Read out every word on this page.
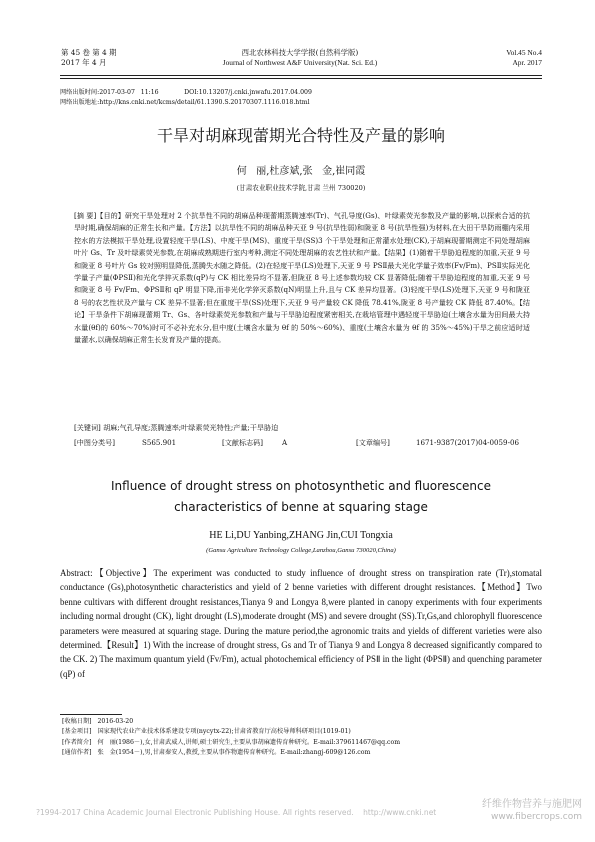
第 45 卷 第 4 期
2017 年 4 月
西北农林科技大学学报(自然科学版)
Journal of Northwest A&F University(Nat. Sci. Ed.)
Vol.45 No.4
Apr. 2017
网络出版时间:2017-03-07   11:16             DOI:10.13207/j.cnki.jnwafu.2017.04.009
网络出版地址:http://kns.cnki.net/kcms/detail/61.1390.S.20170307.1116.018.html
干旱对胡麻现蕾期光合特性及产量的影响
何   丽,杜彦斌,张   金,崔同霞
(甘肃农业职业技术学院,甘肃 兰州 730020)
[摘 要]【目的】研究干旱处理对 2 个抗旱性不同的胡麻品种现蕾期蒸腾速率(Tr)、气孔导度(Gs)、叶绿素荧光参数及产量的影响,以探索合适的抗旱时期,确保胡麻的正常生长和产量。【方法】以抗旱性不同的胡麻品种天亚 9 号(抗旱性弱)和陇亚 8 号(抗旱性强)为材料,在大田干旱防雨棚内采用控水的方法模拟干旱处理,设置轻度干旱(LS)、中度干旱(MS)、重度干旱(SS)3 个干旱处理和正常灌水处理(CK),于胡麻现蕾期测定不同处理胡麻叶片 Gs、Tr 及叶绿素荧光参数,在胡麻成熟期进行室内考种,测定不同处理胡麻的农艺性状和产量。【结果】(1)随着干旱胁迫程度的加重,天亚 9 号和陇亚 8 号叶片 Gs 较对照明显降低,蒸腾失水随之降低。(2)在轻度干旱(LS)处理下,天亚 9 号 PSⅡ最大光化学量子效率(Fv/Fm)、PSⅡ实际光化学量子产量(ΦPSⅡ)和光化学猝灭系数(qP)与 CK 相比差异均不显著,但陇亚 8 号上述参数均较 CK 显著降低;随着干旱胁迫程度的加重,天亚 9 号和陇亚 8 号 Fv/Fm、ΦPSⅡ和 qP 明显下降,而非光化学猝灭系数(qN)明显上升,且与 CK 差异均显著。(3)轻度干旱(LS)处理下,天亚 9 号和陇亚 8 号的农艺性状及产量与 CK 差异不显著;但在重度干旱(SS)处理下,天亚 9 号产量较 CK 降低 78.41%,陇亚 8 号产量较 CK 降低 87.40%。【结论】干旱条件下胡麻现蕾期 Tr、Gs、各叶绿素荧光参数和产量与干旱胁迫程度紧密相关,在栽培管理中遇轻度干旱胁迫(土壤含水量为田间最大持水量(θf)的 60%～70%)时可不必补充水分,但中度(土壤含水量为 θf 的 50%～60%)、重度(土壤含水量为 θf 的 35%～45%)干旱之前应适时适量灌水,以确保胡麻正常生长发育及产量的提高。
[关键词] 胡麻;气孔导度;蒸腾速率;叶绿素荧光特性;产量;干旱胁迫
[中图分类号]	S565.901	[文献标志码]	A	[文章编号]	1671-9387(2017)04-0059-06
Influence of drought stress on photosynthetic and fluorescence
characteristics of benne at squaring stage
HE Li,DU Yanbing,ZHANG Jin,CUI Tongxia
(Gansu Agriculture Technology College,Lanzhou,Gansu 730020,China)
Abstract:【Objective】The experiment was conducted to study influence of drought stress on transpiration rate (Tr),stomatal conductance (Gs),photosynthetic characteristics and yield of 2 benne varieties with different drought resistances.【Method】Two benne cultivars with different drought resistances,Tianya 9 and Longya 8,were planted in canopy experiments with four experiments including normal drought (CK), light drought (LS),moderate drought (MS) and severe drought (SS).Tr,Gs,and chlorophyll fluorescence parameters were measured at squaring stage. During the mature period,the agronomic traits and yields of different varieties were also determined.【Result】1) With the increase of drought stress, Gs and Tr of Tianya 9 and Longya 8 decreased significantly compared to the CK. 2) The maximum quantum yield (Fv/Fm), actual photochemical efficiency of PSⅡ in the light (ΦPSⅡ) and quenching parameter (qP) of
[收稿日期]   2016-03-20
[基金项目]   国家现代农业产业技术体系建设专项(nycytx-22);甘肃省教育厅高校导师科研项目(1019-01)
[作者简介]   何   丽(1986－),女,甘肃武威人,讲师,硕士研究生,主要从事胡麻遗传育种研究。E-mail:379611467@qq.com
[通信作者]   张   金(1954－),男,甘肃秦安人,教授,主要从事作物遗传育种研究。E-mail:zhangj-609@126.com
?1994-2017 China Academic Journal Electronic Publishing House. All rights reserved.    http://www.cnki.net
纤维作物营养与施肥网
www.fibercrops.com
